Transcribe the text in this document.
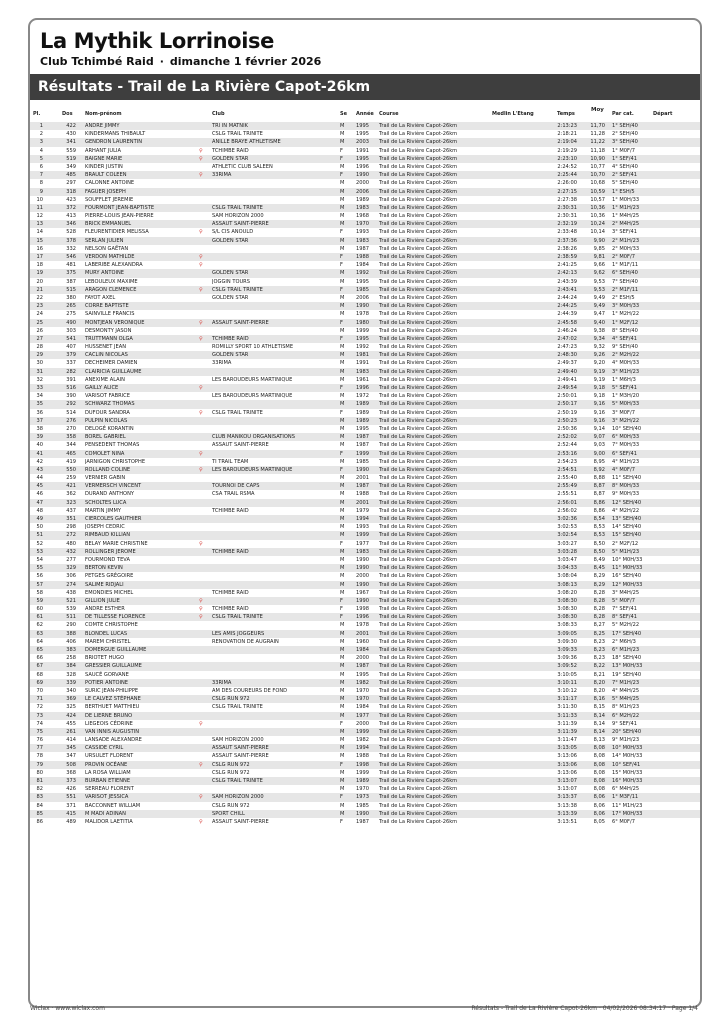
La Mythik Lorrinoise
Club Tchimbé Raid · dimanche 1 février 2026
Résultats - Trail de La Rivière Capot-26km
Pl.	Dos Nom-prénom	Club	Se Année Course	Medlin L'Etang	Temps
Moy
Par cat.	Départ
1	422 ANDRE JIMMY	TRI IN MATNIK	M	1995	Trail de La Rivière Capot-26km	2:13:23	11,70 1° SEH/40
2	430 KINDERMANS THIBAULT	CSLG TRAIL TRINITE	M	1995	Trail de La Rivière Capot-26km	2:18:21	11,28 2° SEH/40
3	341 GENDRON LAURENTIN	ANILLE BRAYE ATHLETISME	M	2003	Trail de La Rivière Capot-26km	2:19:04	11,22 3° SEH/40
4	559 ARHANT JULIA	♀	TCHIMBE RAID	F	1991	Trail de La Rivière Capot-26km	2:19:29	11,18 1° M0F/7
5	519 BAIGNE MARIE	♀	GOLDEN STAR	F	1995	Trail de La Rivière Capot-26km	2:23:10	10,90 1° SEF/41
6	349 KINDER JUSTIN	ATHLETIC CLUB SALEEN	M	1996	Trail de La Rivière Capot-26km	2:24:52	10,77 4° SEH/40
7	485 BRAULT COLEEN	♀	33RIMA	F	1990	Trail de La Rivière Capot-26km	2:25:44	10,70 2° SEF/41
8	297 CALONNE ANTOINE	M	2000	Trail de La Rivière Capot-26km	2:26:00	10,68 5° SEH/40
9	318 FAGUER JOSEPH	M	2006	Trail de La Rivière Capot-26km	2:27:15	10,59 1° ESH/5
10	423 SOUFFLET JEREMIE	M	1989	Trail de La Rivière Capot-26km	2:27:38	10,57 1° M0H/33
11	372 FOURMONT JEAN-BAPTISTE	CSLG TRAIL TRINITE	M	1983	Trail de La Rivière Capot-26km	2:30:31	10,36 1° M1H/23
12	413 PIERRE-LOUIS JEAN-PIERRE	SAM HORIZON 2000	M	1968	Trail de La Rivière Capot-26km	2:30:31	10,36 1° M4H/25
13	346 BRICK EMMANUEL	ASSAUT SAINT-PIERRE	M	1970	Trail de La Rivière Capot-26km	2:32:19	10,24 2° M4H/25
14	528 FLEURENTIDIER MELISSA	♀	S/L CIS ANOULD	F	1993	Trail de La Rivière Capot-26km	2:33:48	10,14 3° SEF/41
15	378 SERLAN JULIEN	GOLDEN STAR	M	1983	Trail de La Rivière Capot-26km	2:37:36	9,90 2° M1H/23
16	332 NELSON GAËTAN	M	1987	Trail de La Rivière Capot-26km	2:38:26	9,85 2° M0H/33
17	546 VERDON MATHILDE	♀	F	1988	Trail de La Rivière Capot-26km	2:38:59	9,81 2° M0F/7
18	481 LABERIBE ALEXANDRA	♀	F	1984	Trail de La Rivière Capot-26km	2:41:25	9,66 1° M1F/11
19	375 MURY ANTOINE	GOLDEN STAR	M	1992	Trail de La Rivière Capot-26km	2:42:13	9,62 6° SEH/40
20	387 LEBOULEUX MAXIME	JOGGIN TOURS	M	1995	Trail de La Rivière Capot-26km	2:43:39	9,53 7° SEH/40
21	515 ARAGON CLEMENCE	♀	CSLG TRAIL TRINITE	F	1985	Trail de La Rivière Capot-26km	2:43:41	9,53 2° M1F/11
22	380 FAYOT AXEL	GOLDEN STAR	M	2006	Trail de La Rivière Capot-26km	2:44:24	9,49 2° ESH/5
23	265 CORRE BAPTISTE	M	1990	Trail de La Rivière Capot-26km	2:44:25	9,49 3° M0H/33
24	275 SAINVILLE FRANCIS	M	1978	Trail de La Rivière Capot-26km	2:44:39	9,47 1° M2H/22
25	490 MONTJEAN VERONIQUE	♀	ASSAUT SAINT-PIERRE	F	1980	Trail de La Rivière Capot-26km	2:45:58	9,40 1° M2F/12
26	303 DESMONTY JASON	M	1999	Trail de La Rivière Capot-26km	2:46:24	9,38 8° SEH/40
27	541 TRUTTMANN OLGA	♀	TCHIMBE RAID	F	1995	Trail de La Rivière Capot-26km	2:47:02	9,34 4° SEF/41
28	407 HUSSENET JEAN	ROMILLY SPORT 10 ATHLETISME	M	1992	Trail de La Rivière Capot-26km	2:47:23	9,32 9° SEH/40
29	379 CACLIN NICOLAS	GOLDEN STAR	M	1981	Trail de La Rivière Capot-26km	2:48:30	9,26 2° M2H/22
30	337 DECHEIMER DAMIEN	33RIMA	M	1991	Trail de La Rivière Capot-26km	2:49:37	9,20 4° M0H/33
31	282 CLAIRICIA GUILLAUME	M	1983	Trail de La Rivière Capot-26km	2:49:40	9,19 3° M1H/23
32	391 ANEXIME ALAIN	LES BAROUDEURS MARTINIQUE	M	1961	Trail de La Rivière Capot-26km	2:49:41	9,19 1° M6H/3
33	516 GAILLY ALICE	♀	F	1996	Trail de La Rivière Capot-26km	2:49:54	9,18 5° SEF/41
34	390 VARISOT FABRICE	LES BAROUDEURS MARTINIQUE	M	1972	Trail de La Rivière Capot-26km	2:50:01	9,18 1° M3H/20
35	292 SCHWARZ THOMAS	M	1989	Trail de La Rivière Capot-26km	2:50:17	9,16 5° M0H/33
36	514 DUFOUR SANDRA	♀	CSLG TRAIL TRINITE	F	1989	Trail de La Rivière Capot-26km	2:50:19	9,16 3° M0F/7
37	276 PULPIN NICOLAS	M	1989	Trail de La Rivière Capot-26km	2:50:23	9,16 3° M2H/22
38	270 DELOGÉ KORANTIN	M	1995	Trail de La Rivière Capot-26km	2:50:36	9,14 10° SEH/40
39	358 BOREL GABRIEL	CLUB MANIKOU ORGANISATIONS	M	1987	Trail de La Rivière Capot-26km	2:52:02	9,07 6° M0H/33
40	344 PENSEDENT THOMAS	ASSAUT SAINT-PIERRE	M	1987	Trail de La Rivière Capot-26km	2:52:44	9,03 7° M0H/33
41	465 COMOLET NINA	♀	F	1999	Trail de La Rivière Capot-26km	2:53:16	9,00 6° SEF/41
42	419 JARNIGON CHRISTOPHE	TI TRAIL TEAM	M	1985	Trail de La Rivière Capot-26km	2:54:23	8,95 4° M1H/23
43	550 ROLLAND COLINE	♀	LES BAROUDEURS MARTINIQUE	F	1990	Trail de La Rivière Capot-26km	2:54:51	8,92 4° M0F/7
44	259 VERNIER GABIN	M	2001	Trail de La Rivière Capot-26km	2:55:40	8,88 11° SEH/40
45	421 VERMERSCH VINCENT	TOURNOI DE CAPS	M	1987	Trail de La Rivière Capot-26km	2:55:49	8,87 8° M0H/33
46	362 DURAND ANTHONY	CSA TRAIL RSMA	M	1988	Trail de La Rivière Capot-26km	2:55:51	8,87 9° M0H/33
47	323 SCHOLTES LUCA	M	2001	Trail de La Rivière Capot-26km	2:56:01	8,86 12° SEH/40
48	437 MARTIN JIMMY	TCHIMBE RAID	M	1979	Trail de La Rivière Capot-26km	2:56:02	8,86 4° M2H/22
49	351 CIERCOLES GAUTHIER	M	1994	Trail de La Rivière Capot-26km	3:02:36	8,54 13° SEH/40
50	298 JOSEPH CEDRIC	M	1993	Trail de La Rivière Capot-26km	3:02:53	8,53 14° SEH/40
51	272 RIMBAUD KILLIAN	M	1999	Trail de La Rivière Capot-26km	3:02:54	8,53 15° SEH/40
52	480 BELAY MARIE CHRISTINE	♀	F	1977	Trail de La Rivière Capot-26km	3:03:27	8,50 2° M2F/12
53	432 ROLLINGER JEROME	TCHIMBE RAID	M	1983	Trail de La Rivière Capot-26km	3:03:28	8,50 5° M1H/23
54	277 FOURMOND TEVA	M	1990	Trail de La Rivière Capot-26km	3:03:47	8,49 10° M0H/33
55	329 BERTON KEVIN	M	1990	Trail de La Rivière Capot-26km	3:04:33	8,45 11° M0H/33
56	306 PETGES GRÉGOIRE	M	2000	Trail de La Rivière Capot-26km	3:08:04	8,29 16° SEH/40
57	274 SALIME RIDJALI	M	1990	Trail de La Rivière Capot-26km	3:08:13	8,29 12° M0H/33
58	438 EMONDIES MICHEL	TCHIMBE RAID	M	1967	Trail de La Rivière Capot-26km	3:08:20	8,28 3° M4H/25
59	521 GILLION JULIE	♀	F	1990	Trail de La Rivière Capot-26km	3:08:30	8,28 5° M0F/7
60	539 ANDRE ESTHER	♀	TCHIMBE RAID	F	1998	Trail de La Rivière Capot-26km	3:08:30	8,28 7° SEF/41
61	511 DE TILLESSE FLORENCE	♀	CSLG TRAIL TRINITE	F	1996	Trail de La Rivière Capot-26km	3:08:30	8,28 8° SEF/41
62	290 COMTE CHRISTOPHE	M	1978	Trail de La Rivière Capot-26km	3:08:33	8,27 5° M2H/22
63	388 BLONDEL LUCAS	LES AMIS JOGGEURS	M	2001	Trail de La Rivière Capot-26km	3:09:05	8,25 17° SEH/40
64	406 MAREM CHRISTEL	RENOVATION DE AUGRAIN	M	1960	Trail de La Rivière Capot-26km	3:09:30	8,23 2° M6H/3
65	383 DOMERGUE GUILLAUME	M	1984	Trail de La Rivière Capot-26km	3:09:33	8,23 6° M1H/23
66	258 BRIOTET HUGO	M	2000	Trail de La Rivière Capot-26km	3:09:36	8,23 18° SEH/40
67	384 GRESSIER GUILLAUME	M	1987	Trail de La Rivière Capot-26km	3:09:52	8,22 13° M0H/33
68	328 SAUCÉ GORVANE	M	1995	Trail de La Rivière Capot-26km	3:10:05	8,21 19° SEH/40
69	339 POTIER ANTOINE	33RIMA	M	1982	Trail de La Rivière Capot-26km	3:10:11	8,20 7° M1H/23
70	340 SURIC JEAN-PHILIPPE	AM DES COUREURS DE FOND	M	1970	Trail de La Rivière Capot-26km	3:10:12	8,20 4° M4H/25
71	369 LE CALVEZ STÉPHANE	CSLG RUN 972	M	1970	Trail de La Rivière Capot-26km	3:11:17	8,16 5° M4H/25
72	325 BERTHUET MATTHIEU	CSLG TRAIL TRINITE	M	1984	Trail de La Rivière Capot-26km	3:11:30	8,15 8° M1H/23
73	424 DE LIERNE BRUNO	M	1977	Trail de La Rivière Capot-26km	3:11:33	8,14 6° M2H/22
74	455 LIEGEOIS CÉDRINE	♀	F	2000	Trail de La Rivière Capot-26km	3:11:39	8,14 9° SEF/41
75	261 VAN INNIS AUGUSTIN	M	1999	Trail de La Rivière Capot-26km	3:11:39	8,14 20° SEH/40
76	414 LANSADE ALEXANDRE	SAM HORIZON 2000	M	1982	Trail de La Rivière Capot-26km	3:11:47	8,13 9° M1H/23
77	345 CASSIDE CYRIL	ASSAUT SAINT-PIERRE	M	1994	Trail de La Rivière Capot-26km	3:13:05	8,08 10° M0H/33
78	347 URSULET FLORENT	ASSAUT SAINT-PIERRE	M	1988	Trail de La Rivière Capot-26km	3:13:06	8,08 14° M0H/33
79	508 PROVIN OCÉANE	♀	CSLG RUN 972	F	1998	Trail de La Rivière Capot-26km	3:13:06	8,08 10° SEF/41
80	368 LA ROSA WILLIAM	CSLG RUN 972	M	1999	Trail de La Rivière Capot-26km	3:13:06	8,08 15° M0H/33
81	373 BURBAN ETIENNE	CSLG TRAIL TRINITE	M	1989	Trail de La Rivière Capot-26km	3:13:07	8,08 16° M0H/33
82	426 SERREAU FLORENT	M	1970	Trail de La Rivière Capot-26km	3:13:07	8,08 6° M4H/25
83	551 VARISOT JESSICA	♀	SAM HORIZON 2000	F	1973	Trail de La Rivière Capot-26km	3:13:37	8,06 1° M3F/11
84	371 BACCONNET WILLIAM	CSLG RUN 972	M	1985	Trail de La Rivière Capot-26km	3:13:38	8,06 11° M1H/23
85	415 M MADI ADINAN	SPORT CHILL	M	1990	Trail de La Rivière Capot-26km	3:13:39	8,06 17° M0H/33
86	489 MALIDOR LAETITIA	♀	ASSAUT SAINT-PIERRE	F	1987	Trail de La Rivière Capot-26km	3:13:51	8,05 6° M0F/7
Wiclax · www.wiclax.com	Résultats - Trail de La Rivière Capot-26km · 04/02/2026 08:34:17 · Page 1/4
